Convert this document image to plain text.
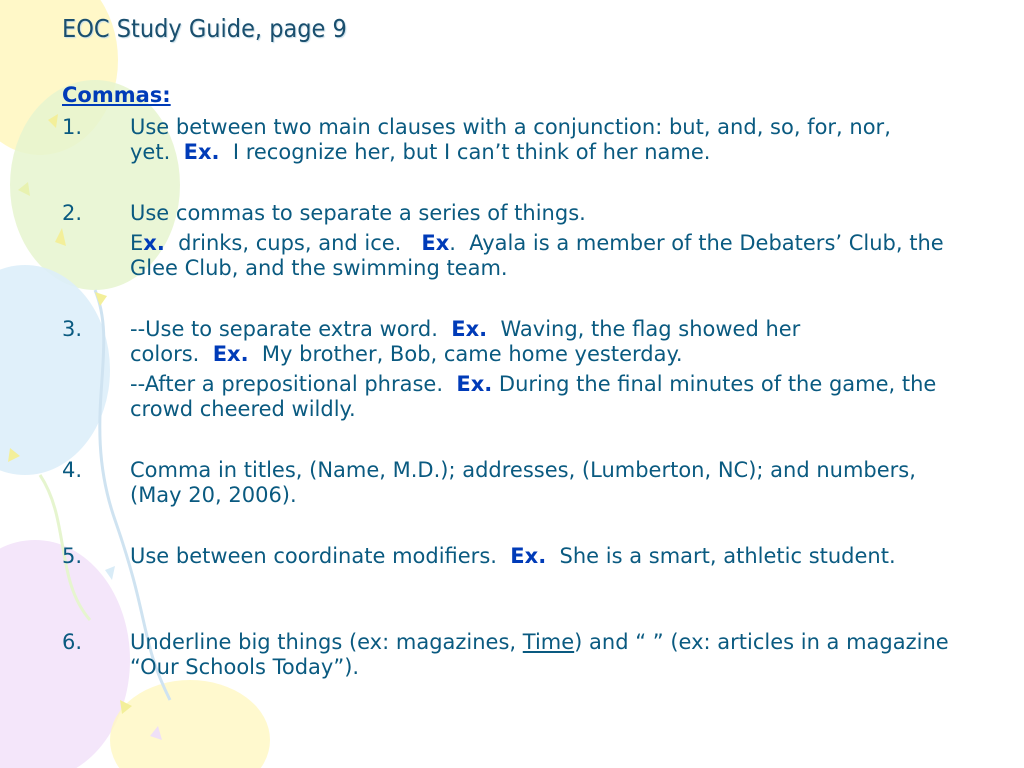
EOC Study Guide, page 9
Commas:
1.	Use between two main clauses with a conjunction: but, and, so, for, nor, yet.  Ex.  I recognize her, but I can’t think of her name.
2.	Use commas to separate a series of things.
Ex.  drinks, cups, and ice.   Ex.  Ayala is a member of the Debaters’ Club, the Glee Club, and the swimming team.
3.	--Use to separate extra word.  Ex.  Waving, the flag showed her colors.  Ex.  My brother, Bob, came home yesterday.
--After a prepositional phrase.  Ex. During the final minutes of the game, the crowd cheered wildly.
4.	Comma in titles, (Name, M.D.); addresses, (Lumberton, NC); and numbers, (May 20, 2006).
5.	Use between coordinate modifiers.  Ex.  She is a smart, athletic student.
6.	Underline big things (ex: magazines, Time) and “ ” (ex: articles in a magazine “Our Schools Today”).
